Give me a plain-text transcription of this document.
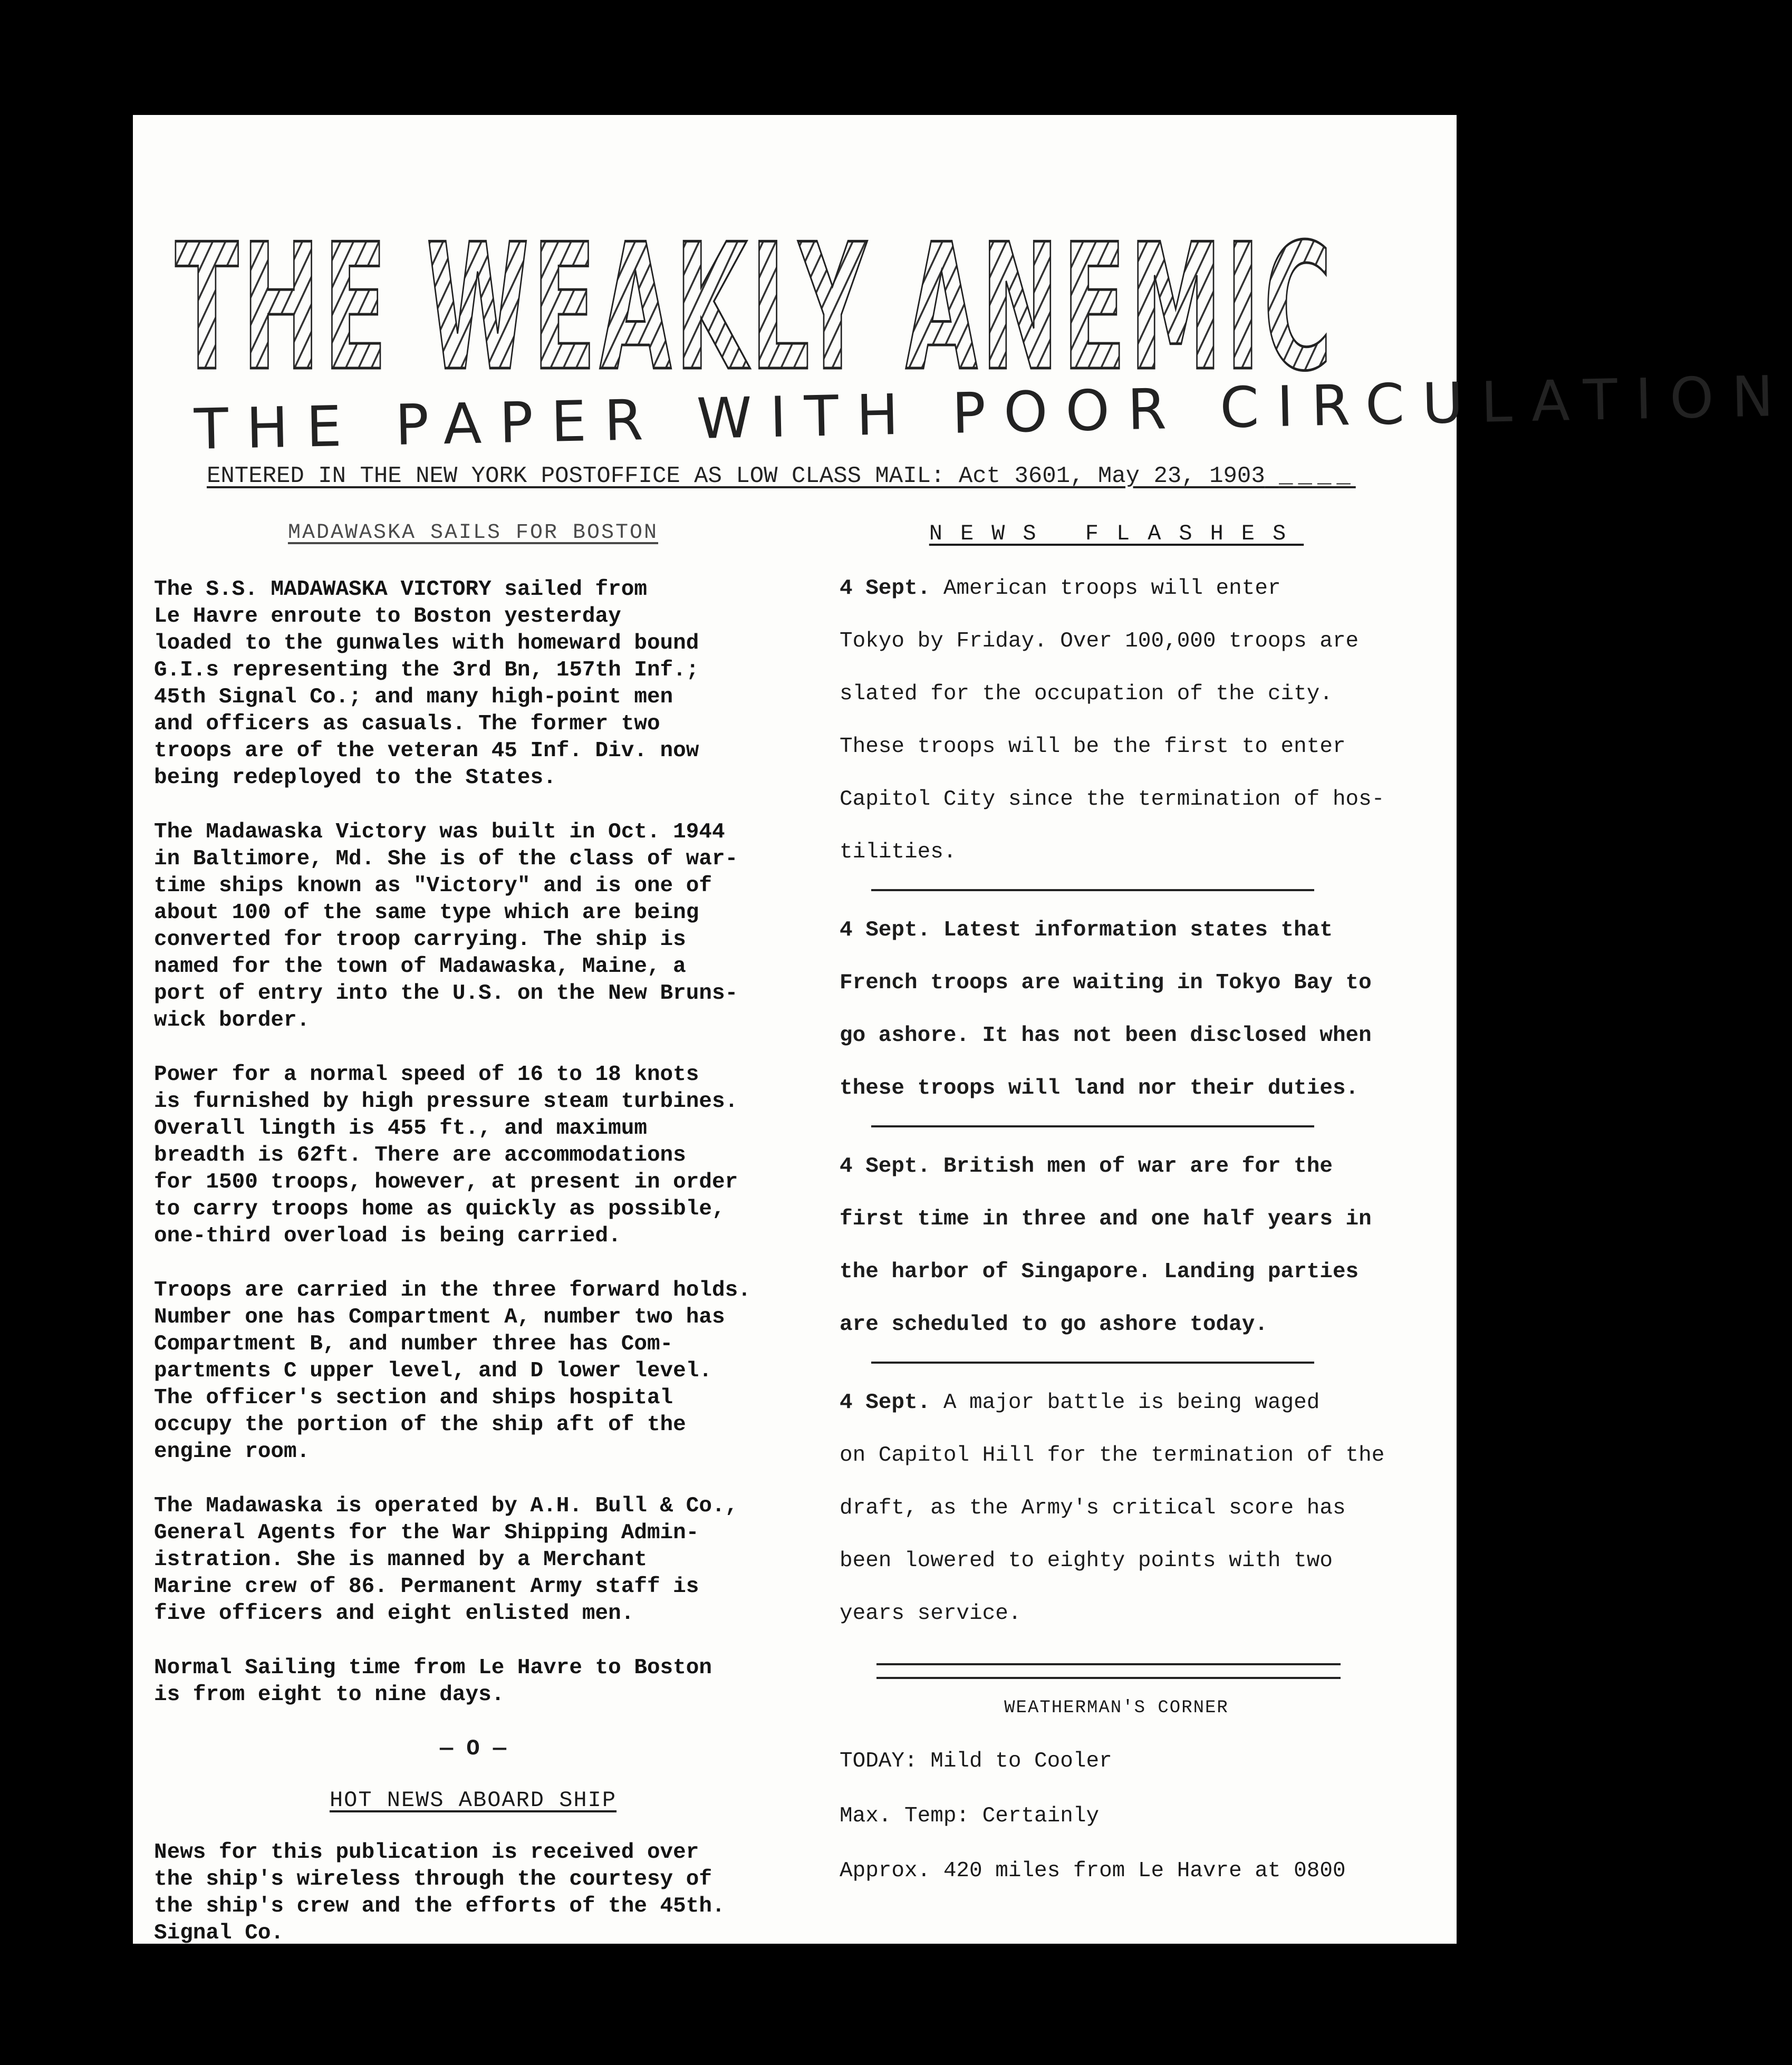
THE WEAKLY ANEMIC
THE PAPER WITH POOR CIRCULATION
ENTERED IN THE NEW YORK POSTOFFICE AS LOW CLASS MAIL: Act 3601, May 23, 1903 ____
MADAWASKA SAILS FOR BOSTON
The S.S. MADAWASKA VICTORY sailed from
Le Havre enroute to Boston yesterday
loaded to the gunwales with homeward bound
G.I.s representing the 3rd Bn, 157th Inf.;
45th Signal Co.; and many high-point men
and officers as casuals. The former two
troops are of the veteran 45 Inf. Div. now
being redeployed to the States.
The Madawaska Victory was built in Oct. 1944
in Baltimore, Md. She is of the class of war-
time ships known as "Victory" and is one of
about 100 of the same type which are being
converted for troop carrying. The ship is
named for the town of Madawaska, Maine, a
port of entry into the U.S. on the New Bruns-
wick border.
Power for a normal speed of 16 to 18 knots
is furnished by high pressure steam turbines.
Overall lingth is 455 ft., and maximum
breadth is 62ft. There are accommodations
for 1500 troops, however, at present in order
to carry troops home as quickly as possible,
one-third overload is being carried.
Troops are carried in the three forward holds.
Number one has Compartment A, number two has
Compartment B, and number three has Com-
partments C upper level, and D lower level.
The officer's section and ships hospital
occupy the portion of the ship aft of the
engine room.
The Madawaska is operated by A.H. Bull & Co.,
General Agents for the War Shipping Admin-
istration. She is manned by a Merchant
Marine crew of 86. Permanent Army staff is
five officers and eight enlisted men.
Normal Sailing time from Le Havre to Boston
is from eight to nine days.
— O —
HOT NEWS ABOARD SHIP
News for this publication is received over
the ship's wireless through the courtesy of
the ship's crew and the efforts of the 45th.
Signal Co.
NEWS FLASHES

4 Sept. American troops will enter
Tokyo by Friday. Over 100,000 troops are
slated for the occupation of the city.
These troops will be the first to enter
Capitol City since the termination of hos-
tilities.

4 Sept. Latest information states that
French troops are waiting in Tokyo Bay to
go ashore. It has not been disclosed when
these troops will land nor their duties.

4 Sept. British men of war are for the
first time in three and one half years in
the harbor of Singapore. Landing parties
are scheduled to go ashore today.

4 Sept. A major battle is being waged
on Capitol Hill for the termination of the
draft, as the Army's critical score has
been lowered to eighty points with two
years service.

WEATHERMAN'S CORNER

TODAY: Mild to Cooler

Max. Temp: Certainly

Approx. 420 miles from Le Havre at 0800
